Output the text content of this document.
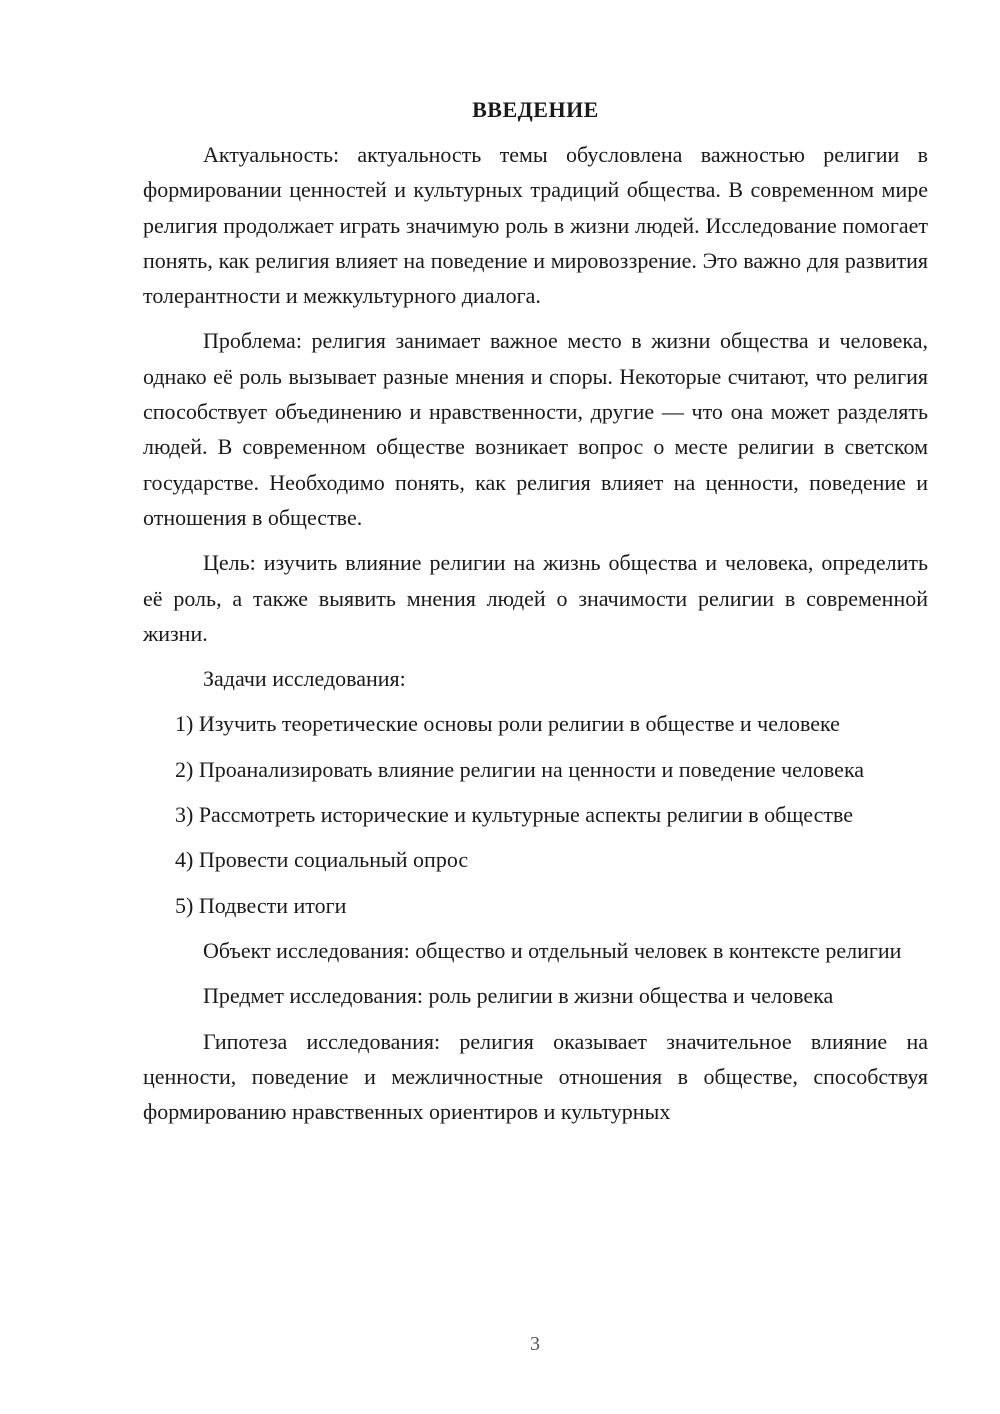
ВВЕДЕНИЕ

Актуальность: актуальность темы обусловлена важностью религии в формировании ценностей и культурных традиций общества. В современном мире религия продолжает играть значимую роль в жизни людей. Исследование помогает понять, как религия влияет на поведение и мировоззрение. Это важно для развития толерантности и межкультурного диалога.

Проблема: религия занимает важное место в жизни общества и человека, однако её роль вызывает разные мнения и споры. Некоторые считают, что религия способствует объединению и нравственности, другие — что она может разделять людей. В современном обществе возникает вопрос о месте религии в светском государстве. Необходимо понять, как религия влияет на ценности, поведение и отношения в обществе.

Цель: изучить влияние религии на жизнь общества и человека, определить её роль, а также выявить мнения людей о значимости религии в современной жизни.

Задачи исследования:

1) Изучить теоретические основы роли религии в обществе и человеке

2) Проанализировать влияние религии на ценности и поведение человека

3) Рассмотреть исторические и культурные аспекты религии в обществе

4) Провести социальный опрос

5) Подвести итоги

Объект исследования: общество и отдельный человек в контексте религии

Предмет исследования: роль религии в жизни общества и человека

Гипотеза исследования: религия оказывает значительное влияние на ценности, поведение и межличностные отношения в обществе, способствуя формированию нравственных ориентиров и культурных

3
